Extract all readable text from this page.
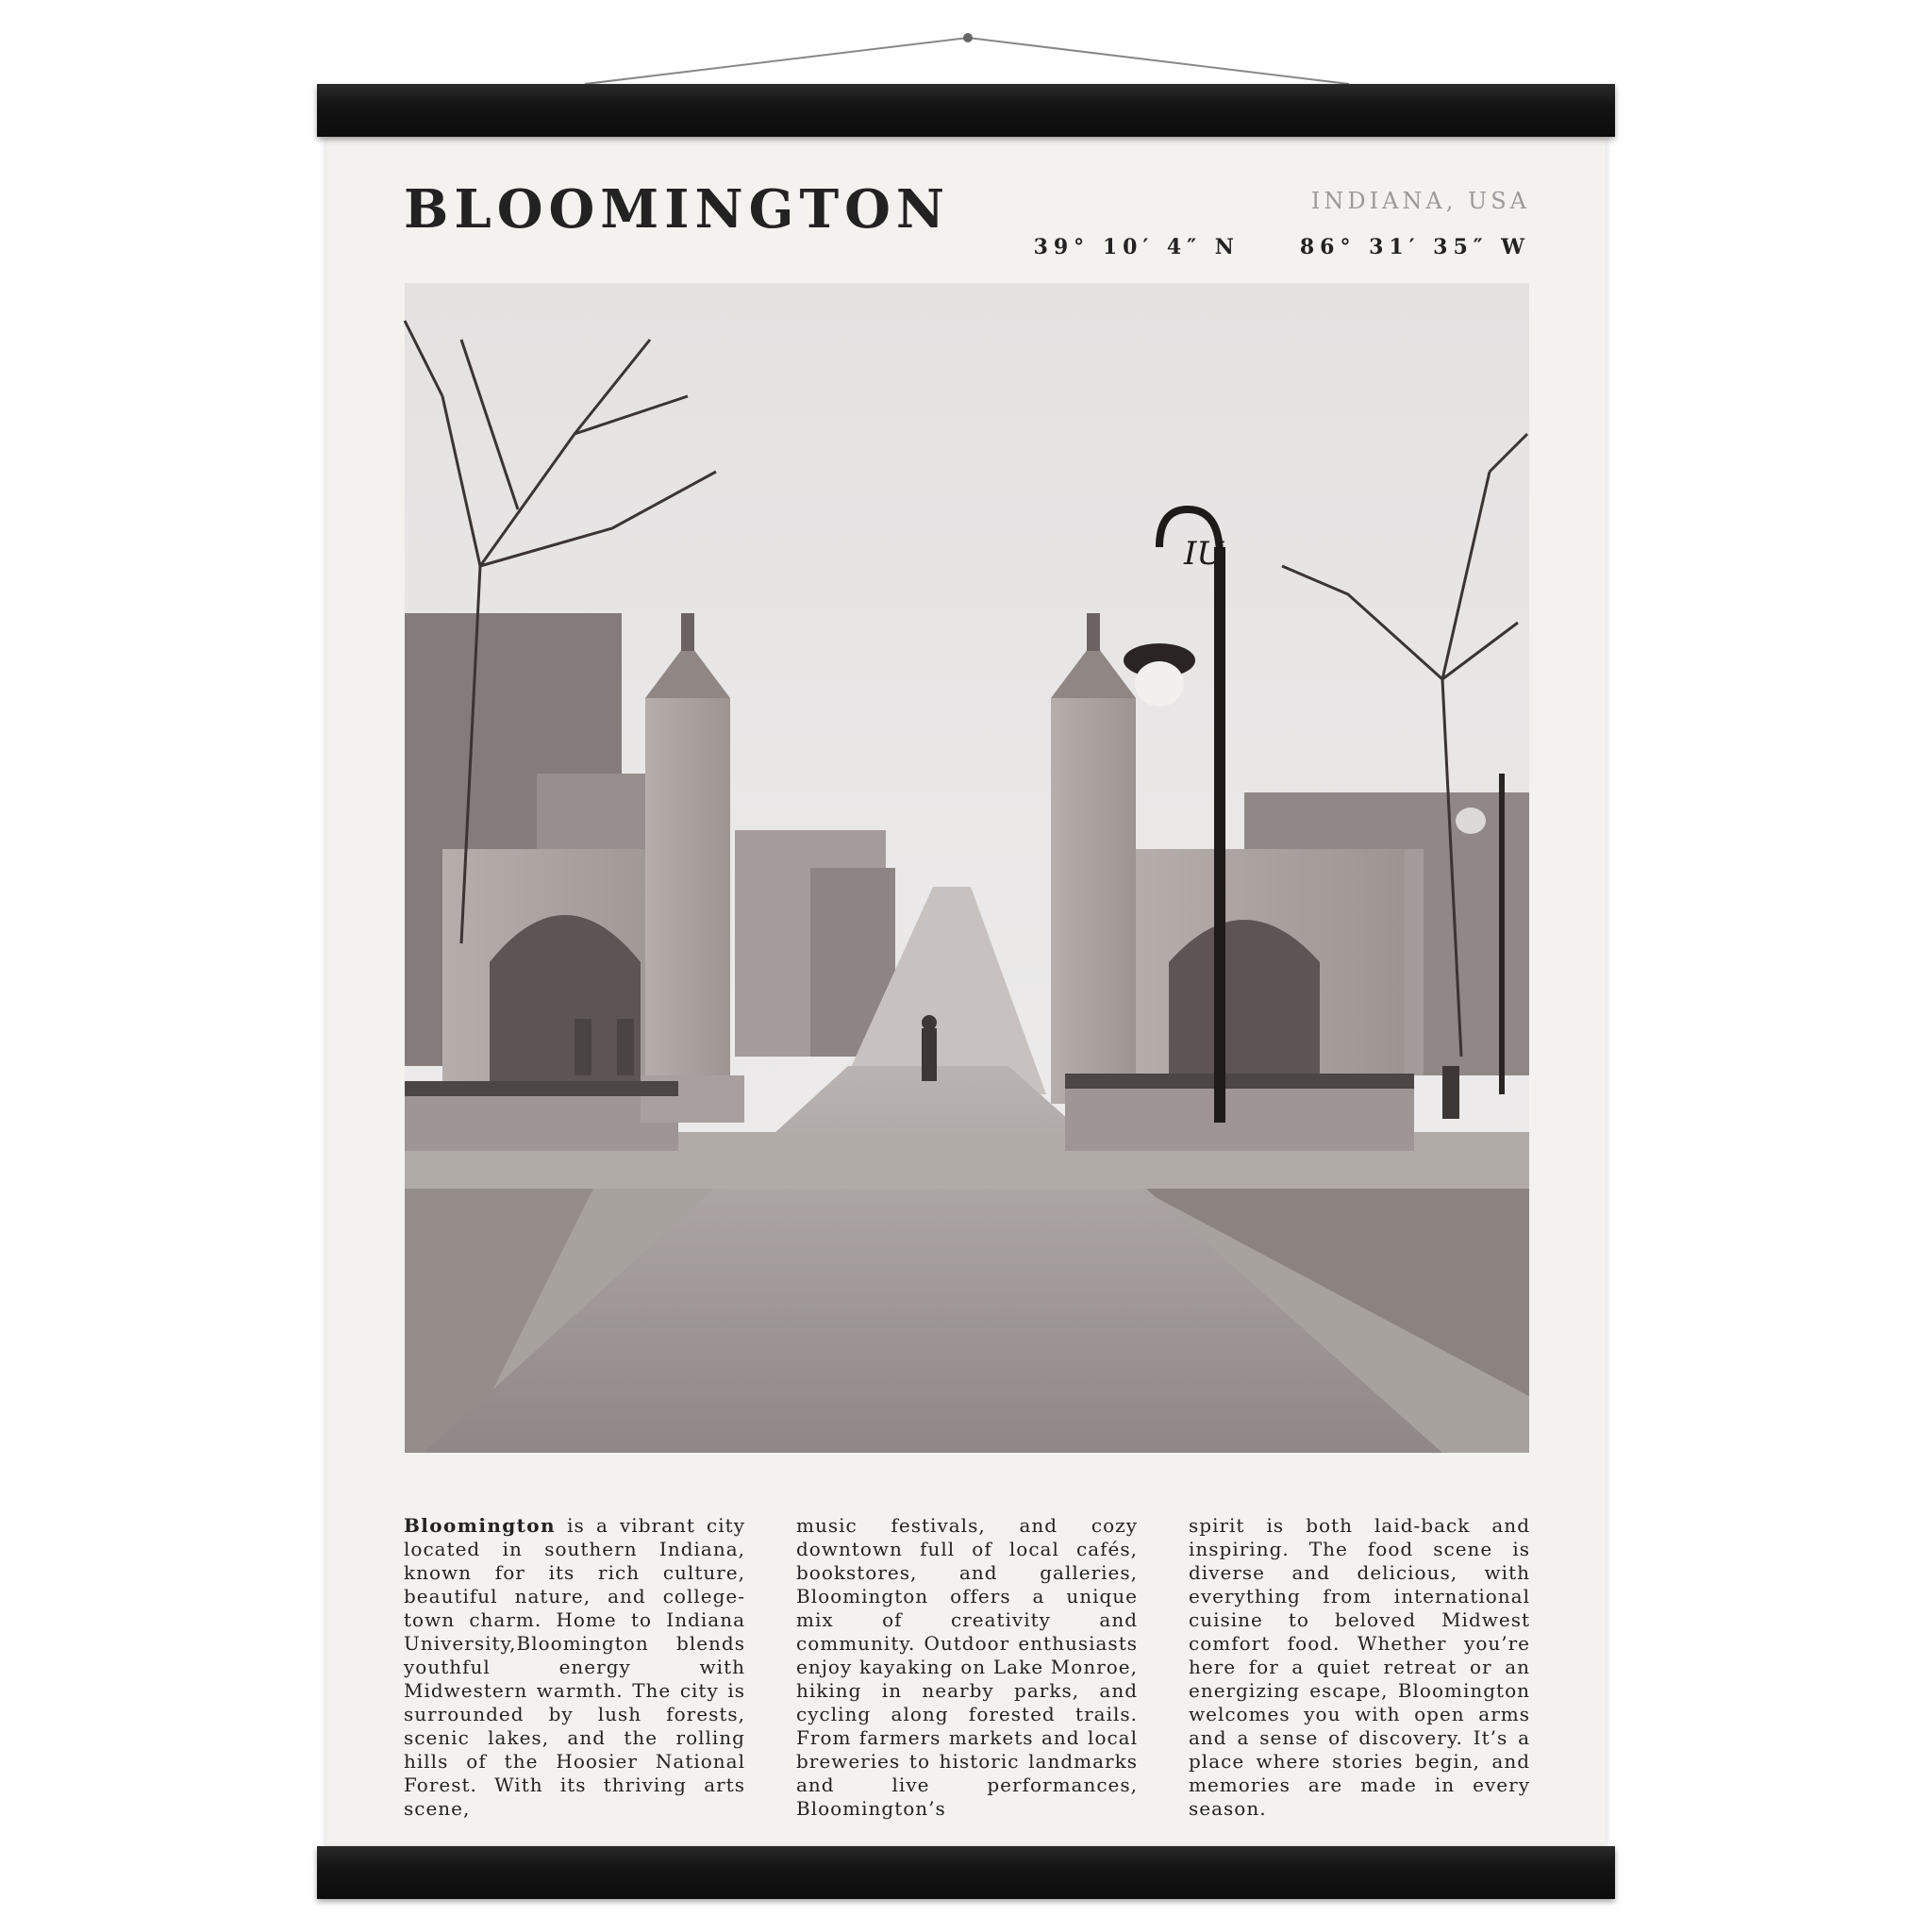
BLOOMINGTON	INDIANA, USA
39° 10′ 4″ N	86° 31′ 35″ W
IU
Bloomington is a vibrant city located in southern Indiana, known for its rich culture, beautiful nature, and college-town charm. Home to Indiana University,Bloomington blends youthful energy with Midwestern warmth. The city is surrounded by lush forests, scenic lakes, and the rolling hills of the Hoosier National Forest. With its thriving arts scene,
music festivals, and cozy downtown full of local cafés, bookstores, and galleries, Bloomington offers a unique mix of creativity and community. Outdoor enthusiasts enjoy kayaking on Lake Monroe, hiking in nearby parks, and cycling along forested trails. From farmers markets and local breweries to historic landmarks and live performances, Bloomington’s
spirit is both laid-back and inspiring. The food scene is diverse and delicious, with everything from international cuisine to beloved Midwest comfort food. Whether you’re here for a quiet retreat or an energizing escape, Bloomington welcomes you with open arms and a sense of discovery. It’s a place where stories begin, and memories are made in every season.
